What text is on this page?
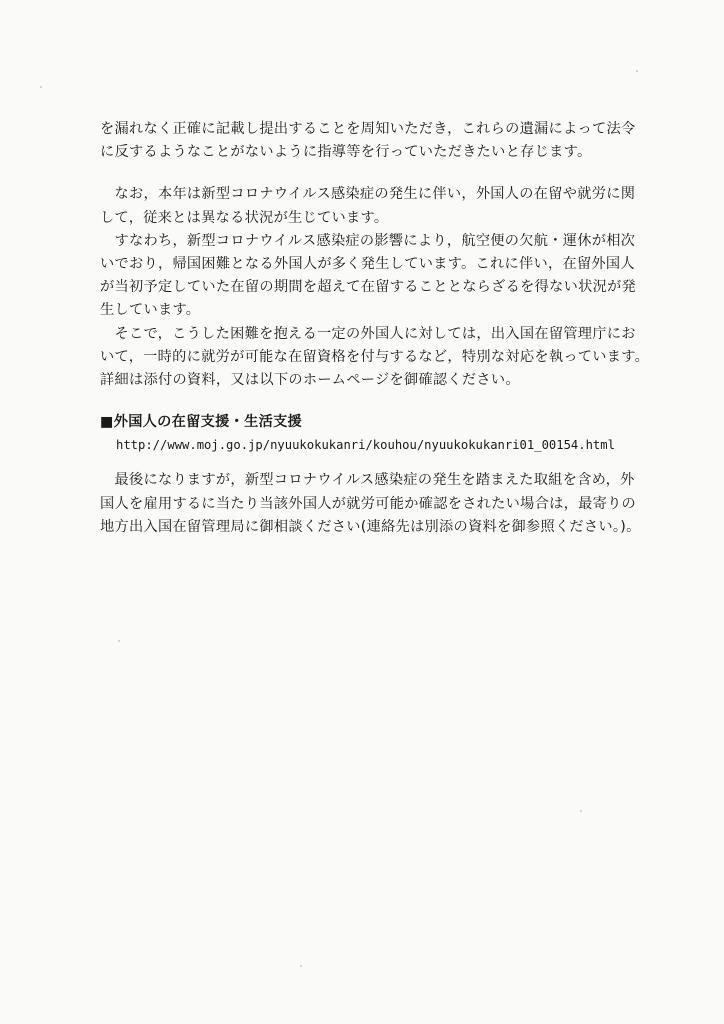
を漏れなく正確に記載し提出することを周知いただき，これらの遺漏によって法令
に反するようなことがないように指導等を行っていただきたいと存じます。

　なお，本年は新型コロナウイルス感染症の発生に伴い，外国人の在留や就労に関
して，従来とは異なる状況が生じています。

　すなわち，新型コロナウイルス感染症の影響により，航空便の欠航・運休が相次
いでおり，帰国困難となる外国人が多く発生しています。これに伴い，在留外国人
が当初予定していた在留の期間を超えて在留することとならざるを得ない状況が発
生しています。

　そこで，こうした困難を抱える一定の外国人に対しては，出入国在留管理庁にお
いて，一時的に就労が可能な在留資格を付与するなど，特別な対応を執っています。
詳細は添付の資料，又は以下のホームページを御確認ください。

■外国人の在留支援・生活支援

http://www.moj.go.jp/nyuukokukanri/kouhou/nyuukokukanri01_00154.html

　最後になりますが，新型コロナウイルス感染症の発生を踏まえた取組を含め，外
国人を雇用するに当たり当該外国人が就労可能か確認をされたい場合は，最寄りの
地方出入国在留管理局に御相談ください(連絡先は別添の資料を御参照ください。)。
